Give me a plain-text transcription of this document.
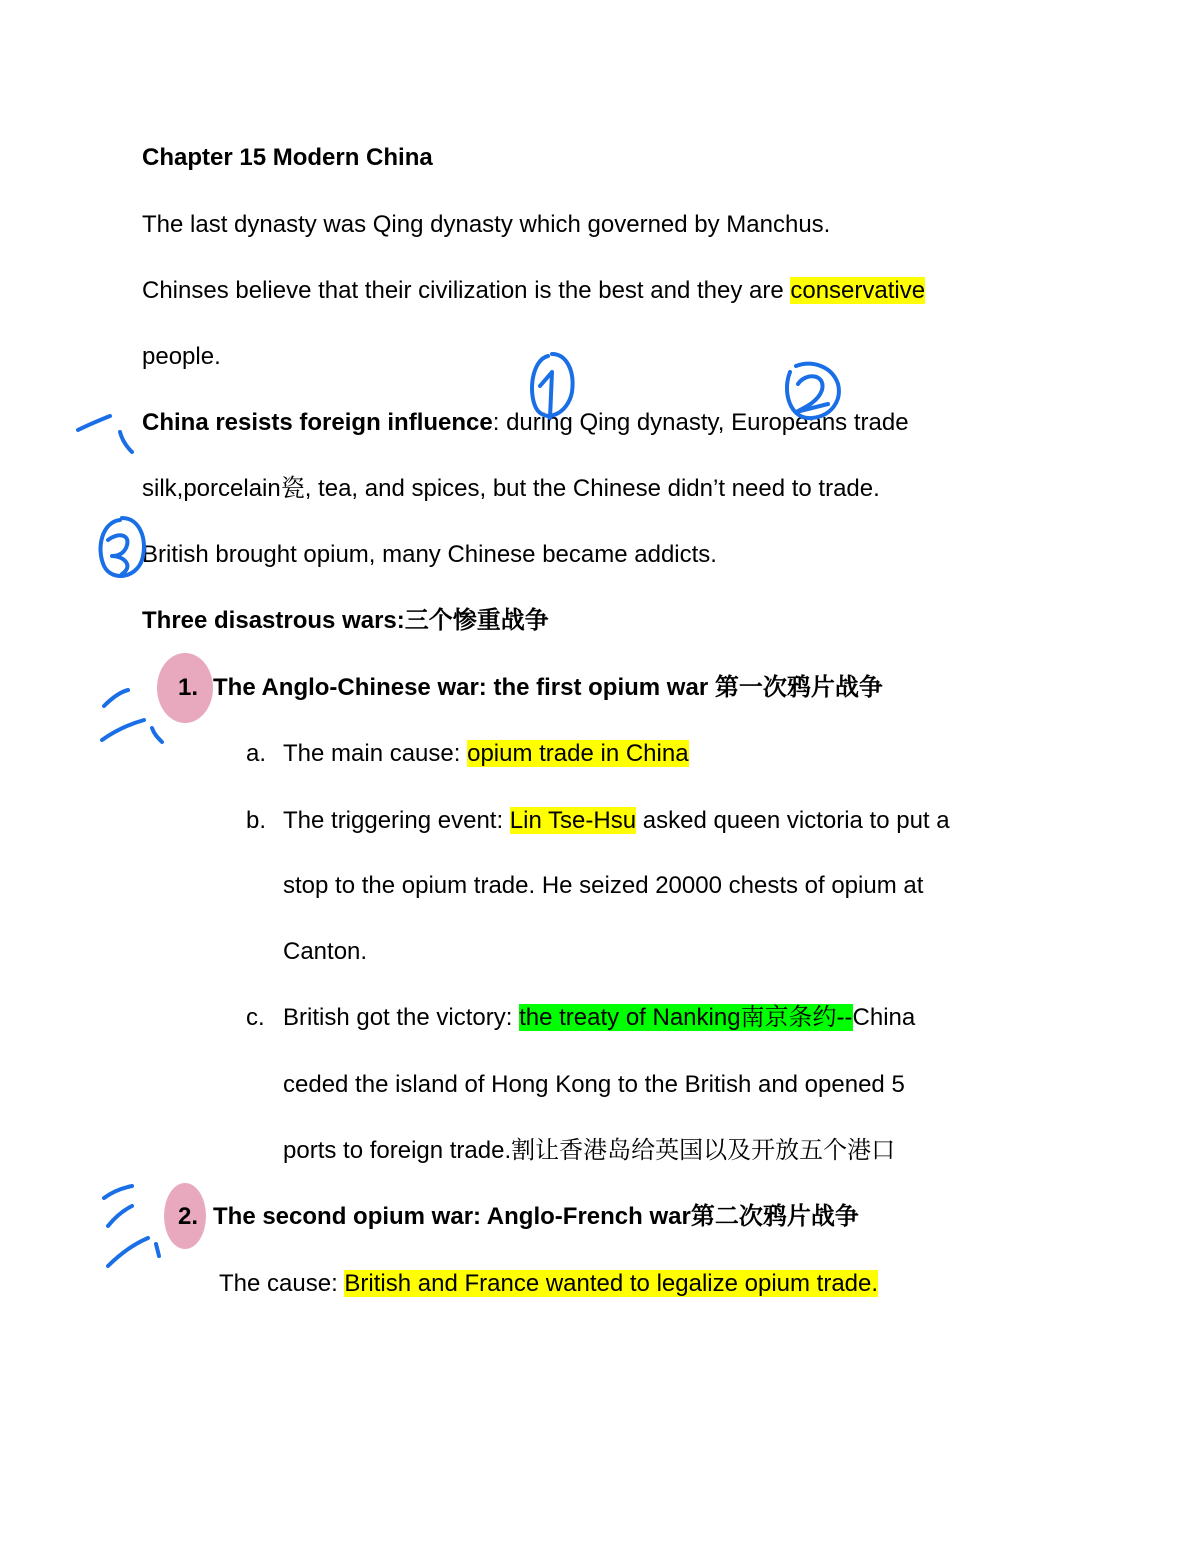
Chapter 15 Modern China
The last dynasty was Qing dynasty which governed by Manchus.
Chinses believe that their civilization is the best and they are conservative
people.
China resists foreign influence: during Qing dynasty, Europeans trade
silk,porcelain瓷, tea, and spices, but the Chinese didn’t need to trade.
British brought opium, many Chinese became addicts.
Three disastrous wars:三个惨重战争
1. The Anglo-Chinese war: the first opium war 第一次鸦片战争
a. The main cause: opium trade in China
b. The triggering event: Lin Tse-Hsu asked queen victoria to put a
stop to the opium trade. He seized 20000 chests of opium at
Canton.
c. British got the victory: the treaty of Nanking南京条约--China
ceded the island of Hong Kong to the British and opened 5
ports to foreign trade.割让香港岛给英国以及开放五个港口
2. The second opium war: Anglo-French war第二次鸦片战争
The cause: British and France wanted to legalize opium trade.
